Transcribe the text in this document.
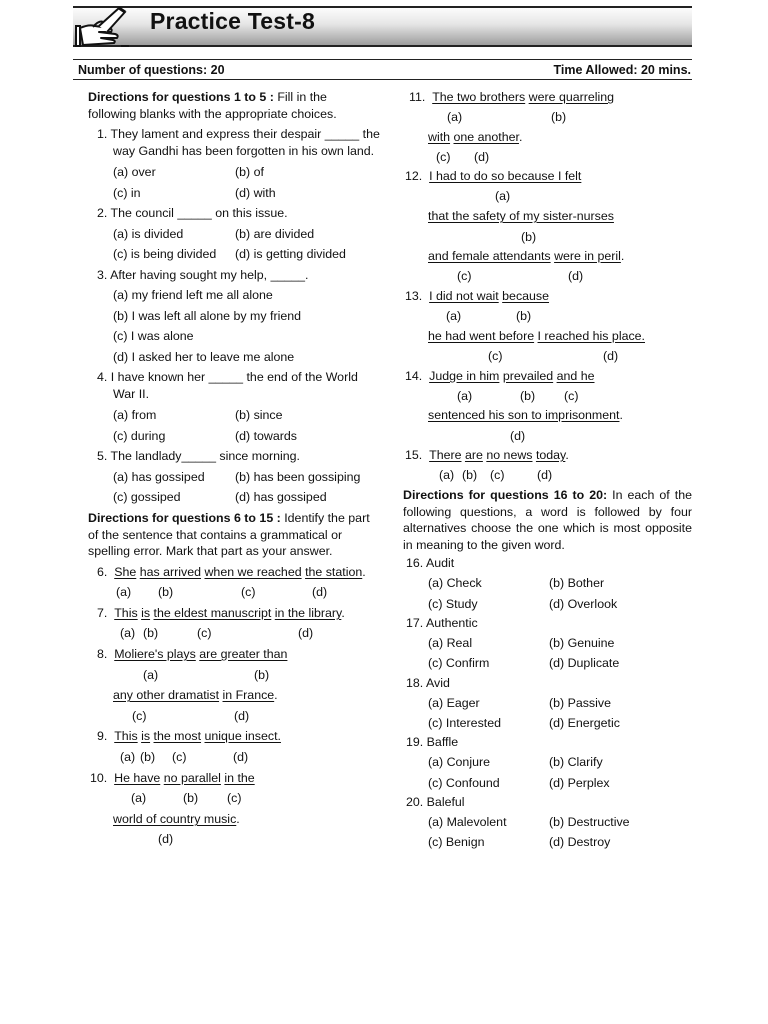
Practice Test-8
Number of questions: 20	Time Allowed: 20 mins.
Directions for questions 1 to 5 : Fill in the following blanks with the appropriate choices.
1. They lament and express their despair _____ the
way Gandhi has been forgotten in his own land.
(a) over	(b) of
(c) in	(d) with
2. The council _____ on this issue.
(a) is divided	(b) are divided
(c) is being divided (d) is getting divided
3. After having sought my help, _____.
(a) my friend left me all alone
(b) I was left all alone by my friend
(c) I was alone
(d) I asked her to leave me alone
4. I have known her _____ the end of the World
War II.
(a) from	(b) since
(c) during	(d) towards
5. The landlady_____ since morning.
(a) has gossiped (b) has been gossiping
(c) gossiped	(d) has gossiped
Directions for questions 6 to 15 : Identify the part of the sentence that contains a grammatical or spelling error. Mark that part as your answer.
6. She has arrived when we reached the station.
(a) (b)	(c)	(d)
7. This is the eldest manuscript in the library.
(a) (b)	(c)	(d)
8. Moliere's plays are greater than
(a)	(b)
any other dramatist in France.
(c)	(d)
9. This is the most unique insect.
(a) (b) (c)	(d)
10. He have no parallel in the
(a)	(b) (c)
world of country music.
(d)
11. The two brothers were quarreling
(a)	(b)
with one another.
(c) (d)
12. I had to do so because I felt
(a)
that the safety of my sister-nurses
(b)
and female attendants were in peril.
(c)	(d)
13. I did not wait because
(a)	(b)
he had went before I reached his place.
(c)	(d)
14. Judge in him prevailed and he
(a)	(b) (c)
sentenced his son to imprisonment.
(d)
15. There are no news today.
(a) (b) (c)	(d)
Directions for questions 16 to 20: In each of the following questions, a word is followed by four alternatives choose the one which is most opposite in meaning to the given word.
16. Audit
(a) Check	(b) Bother
(c) Study	(d) Overlook
17. Authentic
(a) Real	(b) Genuine
(c) Confirm	(d) Duplicate
18. Avid
(a) Eager	(b) Passive
(c) Interested	(d) Energetic
19. Baffle
(a) Conjure	(b) Clarify
(c) Confound	(d) Perplex
20. Baleful
(a) Malevolent	(b) Destructive
(c) Benign	(d) Destroy
